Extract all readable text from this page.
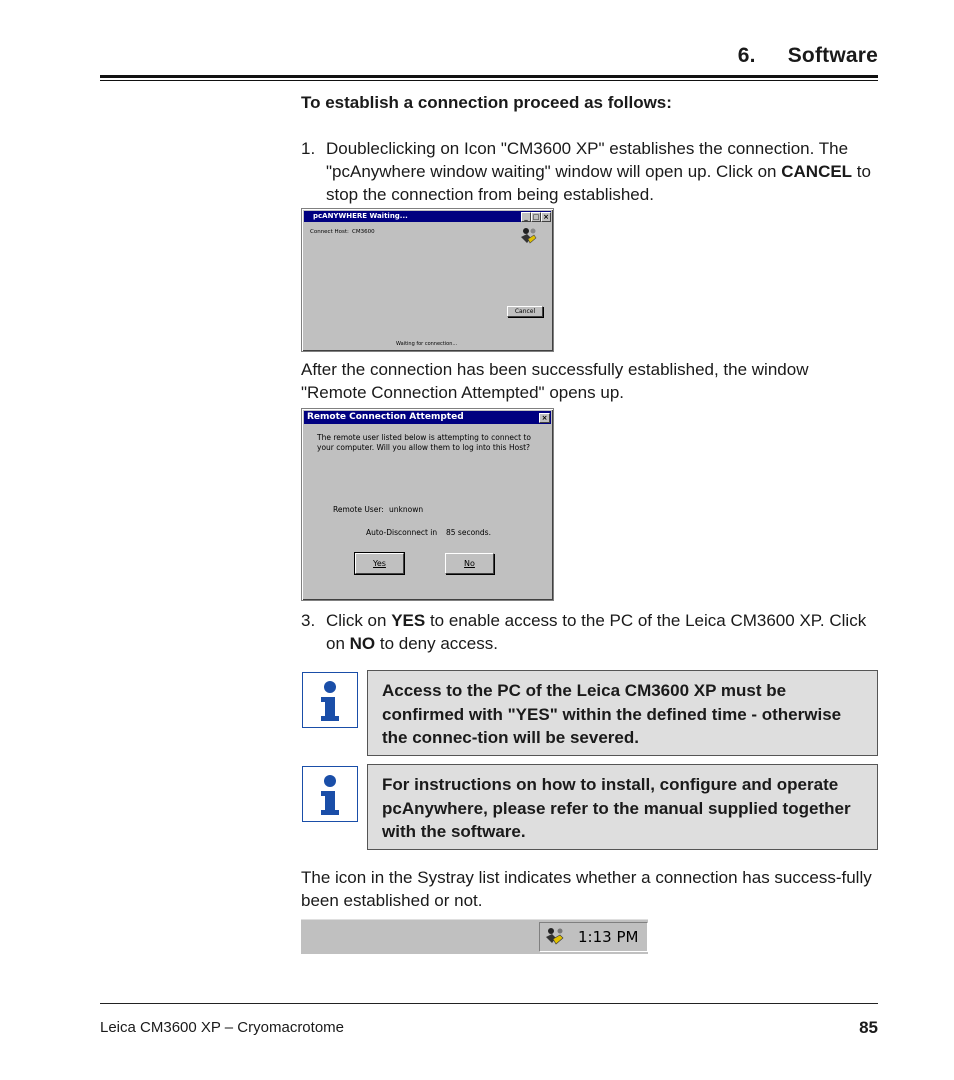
6. Software
To establish a connection proceed as follows:
1. Doubleclicking on Icon "CM3600 XP" establishes the connection. The "pcAnywhere window waiting" window will open up. Click on CANCEL to stop the connection from being established.
pcANYWHERE Waiting...	_ □ ×
Connect Host: CM3600
Cancel
Waiting for connection...
After the connection has been successfully established, the window "Remote Connection Attempted" opens up.
Remote Connection Attempted	×
The remote user listed below is attempting to connect to your computer. Will you allow them to log into this Host?
Remote User: unknown
Auto-Disconnect in 85 seconds.
Yes	No
3. Click on YES to enable access to the PC of the Leica CM3600 XP. Click on NO to deny access.
Access to the PC of the Leica CM3600 XP must be confirmed with "YES" within the defined time - otherwise the connec-tion will be severed.
For instructions on how to install, configure and operate pcAnywhere, please refer to the manual supplied together with the software.
The icon in the Systray list indicates whether a connection has success-fully been established or not.
1:13 PM
Leica CM3600 XP – Cryomacrotome	85
